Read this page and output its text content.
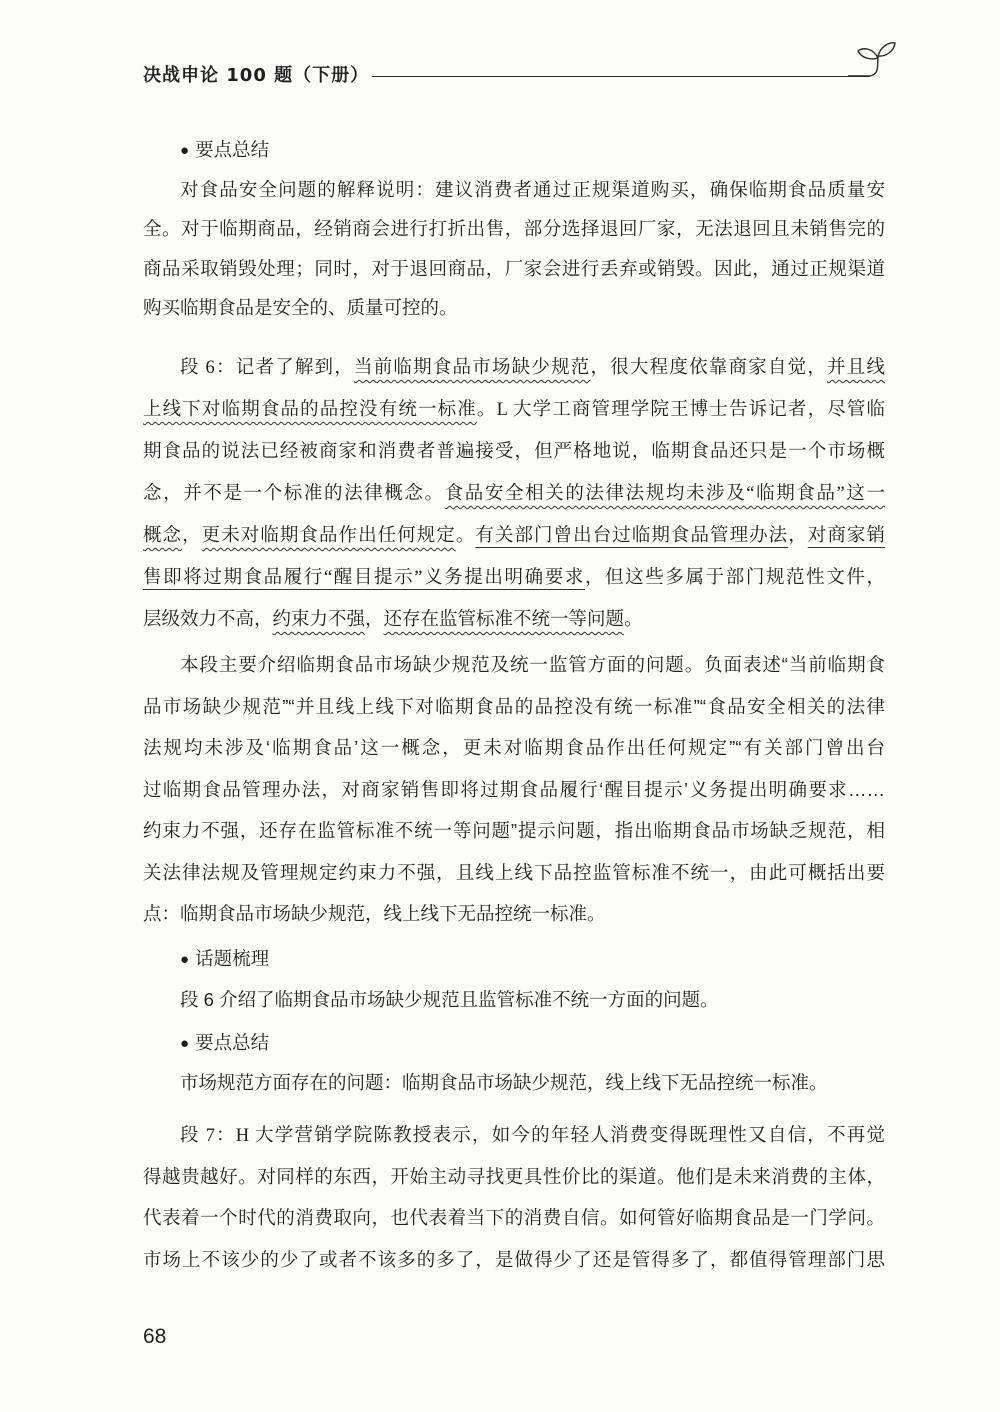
决战申论 100 题（下册）
● 要点总结
对食品安全问题的解释说明：建议消费者通过正规渠道购买，确保临期食品质量安
全。对于临期商品，经销商会进行打折出售，部分选择退回厂家，无法退回且未销售完的
商品采取销毁处理；同时，对于退回商品，厂家会进行丢弃或销毁。因此，通过正规渠道
购买临期食品是安全的、质量可控的。
段 6：记者了解到，当前临期食品市场缺少规范，很大程度依靠商家自觉，并且线
上线下对临期食品的品控没有统一标准。L 大学工商管理学院王博士告诉记者，尽管临
期食品的说法已经被商家和消费者普遍接受，但严格地说，临期食品还只是一个市场概
念，并不是一个标准的法律概念。食品安全相关的法律法规均未涉及“临期食品”这一
概念，更未对临期食品作出任何规定。有关部门曾出台过临期食品管理办法，对商家销
售即将过期食品履行“醒目提示”义务提出明确要求，但这些多属于部门规范性文件，
层级效力不高，约束力不强，还存在监管标准不统一等问题。
本段主要介绍临期食品市场缺少规范及统一监管方面的问题。负面表述“当前临期食
品市场缺少规范”“并且线上线下对临期食品的品控没有统一标准”“食品安全相关的法律
法规均未涉及‘临期食品’这一概念，更未对临期食品作出任何规定”“有关部门曾出台
过临期食品管理办法，对商家销售即将过期食品履行‘醒目提示’义务提出明确要求……
约束力不强，还存在监管标准不统一等问题”提示问题，指出临期食品市场缺乏规范，相
关法律法规及管理规定约束力不强，且线上线下品控监管标准不统一，由此可概括出要
点：临期食品市场缺少规范，线上线下无品控统一标准。
● 话题梳理
段 6 介绍了临期食品市场缺少规范且监管标准不统一方面的问题。
● 要点总结
市场规范方面存在的问题：临期食品市场缺少规范，线上线下无品控统一标准。
段 7：H 大学营销学院陈教授表示，如今的年轻人消费变得既理性又自信，不再觉
得越贵越好。对同样的东西，开始主动寻找更具性价比的渠道。他们是未来消费的主体，
代表着一个时代的消费取向，也代表着当下的消费自信。如何管好临期食品是一门学问。
市场上不该少的少了或者不该多的多了，是做得少了还是管得多了，都值得管理部门思
68
